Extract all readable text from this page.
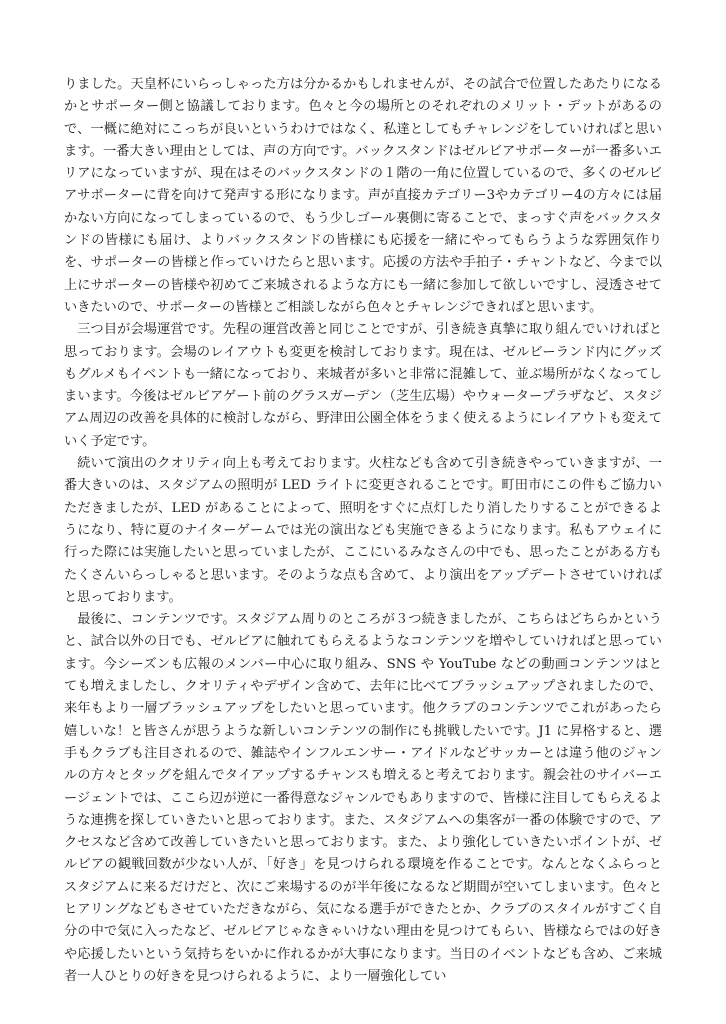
りました。天皇杯にいらっしゃった方は分かるかもしれませんが、その試合で位置したあたりになるかとサポーター側と協議しております。色々と今の場所とのそれぞれのメリット・デットがあるので、一概に絶対にこっちが良いというわけではなく、私達としてもチャレンジをしていければと思います。一番大きい理由としては、声の方向です。バックスタンドはゼルビアサポーターが一番多いエリアになっていますが、現在はそのバックスタンドの１階の一角に位置しているので、多くのゼルビアサポーターに背を向けて発声する形になります。声が直接カテゴリー3やカテゴリー4の方々には届かない方向になってしまっているので、もう少しゴール裏側に寄ることで、まっすぐ声をバックスタンドの皆様にも届け、よりバックスタンドの皆様にも応援を一緒にやってもらうような雰囲気作りを、サポーターの皆様と作っていけたらと思います。応援の方法や手拍子・チャントなど、今まで以上にサポーターの皆様や初めてご来城されるような方にも一緒に参加して欲しいですし、浸透させていきたいので、サポーターの皆様とご相談しながら色々とチャレンジできればと思います。

三つ目が会場運営です。先程の運営改善と同じことですが、引き続き真摯に取り組んでいければと思っております。会場のレイアウトも変更を検討しております。現在は、ゼルビーランド内にグッズもグルメもイベントも一緒になっており、来城者が多いと非常に混雑して、並ぶ場所がなくなってしまいます。今後はゼルビアゲート前のグラスガーデン（芝生広場）やウォータープラザなど、スタジアム周辺の改善を具体的に検討しながら、野津田公園全体をうまく使えるようにレイアウトも変えていく予定です。

続いて演出のクオリティ向上も考えております。火柱なども含めて引き続きやっていきますが、一番大きいのは、スタジアムの照明が LED ライトに変更されることです。町田市にこの件もご協力いただきましたが、LED があることによって、照明をすぐに点灯したり消したりすることができるようになり、特に夏のナイターゲームでは光の演出なども実施できるようになります。私もアウェイに行った際には実施したいと思っていましたが、ここにいるみなさんの中でも、思ったことがある方もたくさんいらっしゃると思います。そのような点も含めて、より演出をアップデートさせていければと思っております。

最後に、コンテンツです。スタジアム周りのところが３つ続きましたが、こちらはどちらかというと、試合以外の日でも、ゼルビアに触れてもらえるようなコンテンツを増やしていければと思っています。今シーズンも広報のメンバー中心に取り組み、SNS や YouTube などの動画コンテンツはとても増えましたし、クオリティやデザイン含めて、去年に比べてブラッシュアップされましたので、来年もより一層ブラッシュアップをしたいと思っています。他クラブのコンテンツでこれがあったら嬉しいな！と皆さんが思うような新しいコンテンツの制作にも挑戦したいです。J1 に昇格すると、選手もクラブも注目されるので、雑誌やインフルエンサー・アイドルなどサッカーとは違う他のジャンルの方々とタッグを組んでタイアップするチャンスも増えると考えております。親会社のサイバーエージェントでは、ここら辺が逆に一番得意なジャンルでもありますので、皆様に注目してもらえるような連携を探していきたいと思っております。また、スタジアムへの集客が一番の体験ですので、アクセスなど含めて改善していきたいと思っております。また、より強化していきたいポイントが、ゼルビアの観戦回数が少ない人が、「好き」を見つけられる環境を作ることです。なんとなくふらっとスタジアムに来るだけだと、次にご来場するのが半年後になるなど期間が空いてしまいます。色々とヒアリングなどもさせていただきながら、気になる選手ができたとか、クラブのスタイルがすごく自分の中で気に入ったなど、ゼルビアじゃなきゃいけない理由を見つけてもらい、皆様ならではの好きや応援したいという気持ちをいかに作れるかが大事になります。当日のイベントなども含め、ご来城者一人ひとりの好きを見つけられるように、より一層強化してい
